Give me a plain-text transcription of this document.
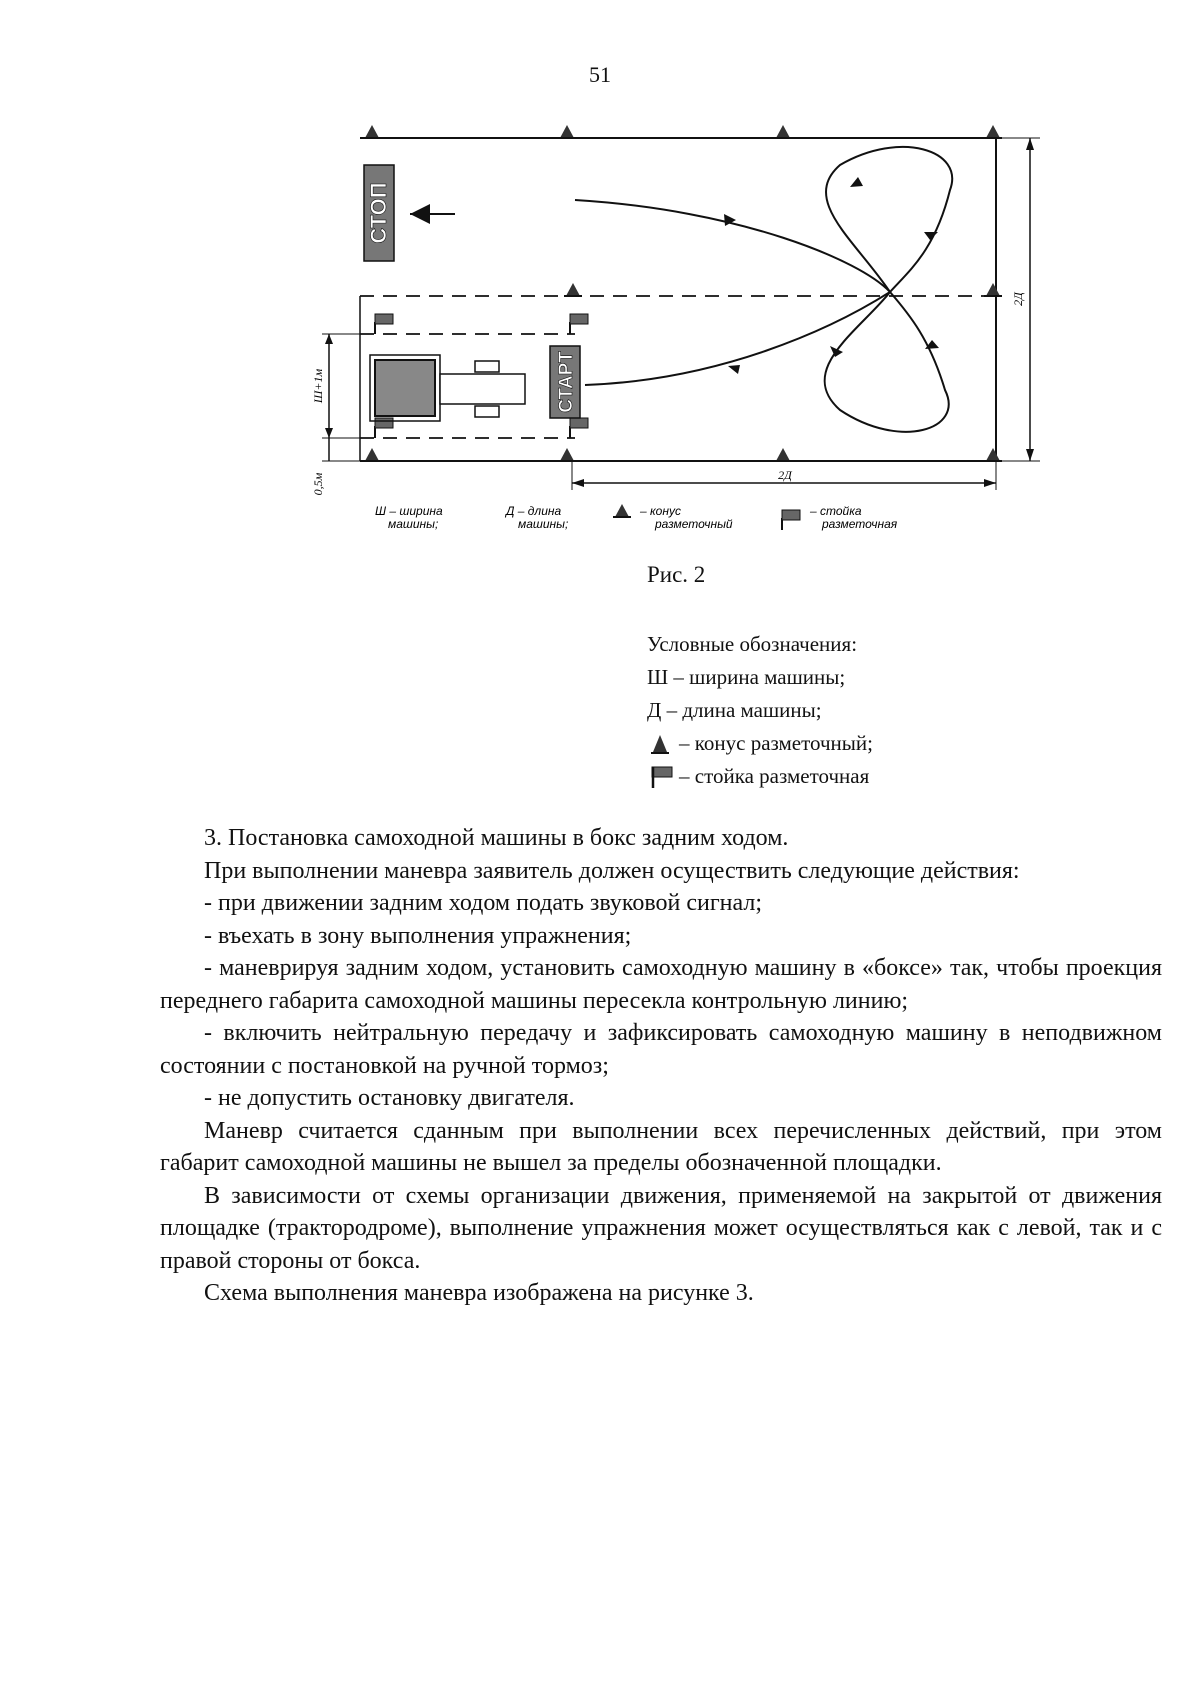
51
СТОП
СТАРТ
Ш+1м
0,5м	2Д
2Д
Ш – ширина
машины;
Д – длина
машины;
– конус
разметочный
– стойка
разметочная
Рис. 2
Условные обозначения:
Ш – ширина машины;
Д – длина машины;
– конус разметочный;
– стойка разметочная

3. Постановка самоходной машины в бокс задним ходом.

При выполнении маневра заявитель должен осуществить следующие действия:

- при движении задним ходом подать звуковой сигнал;

- въехать в зону выполнения упражнения;

- маневрируя задним ходом, установить самоходную машину в «боксе» так, чтобы проекция переднего габарита самоходной машины пересекла контрольную линию;

- включить нейтральную передачу и зафиксировать самоходную машину в неподвижном состоянии с постановкой на ручной тормоз;

- не допустить остановку двигателя.

Маневр считается сданным при выполнении всех перечисленных действий, при этом габарит самоходной машины не вышел за пределы обозначенной площадки.

В зависимости от схемы организации движения, применяемой на закрытой от движения площадке (трактородроме), выполнение упражнения может осуществляться как с левой, так и с правой стороны от бокса.

Схема выполнения маневра изображена на рисунке 3.
